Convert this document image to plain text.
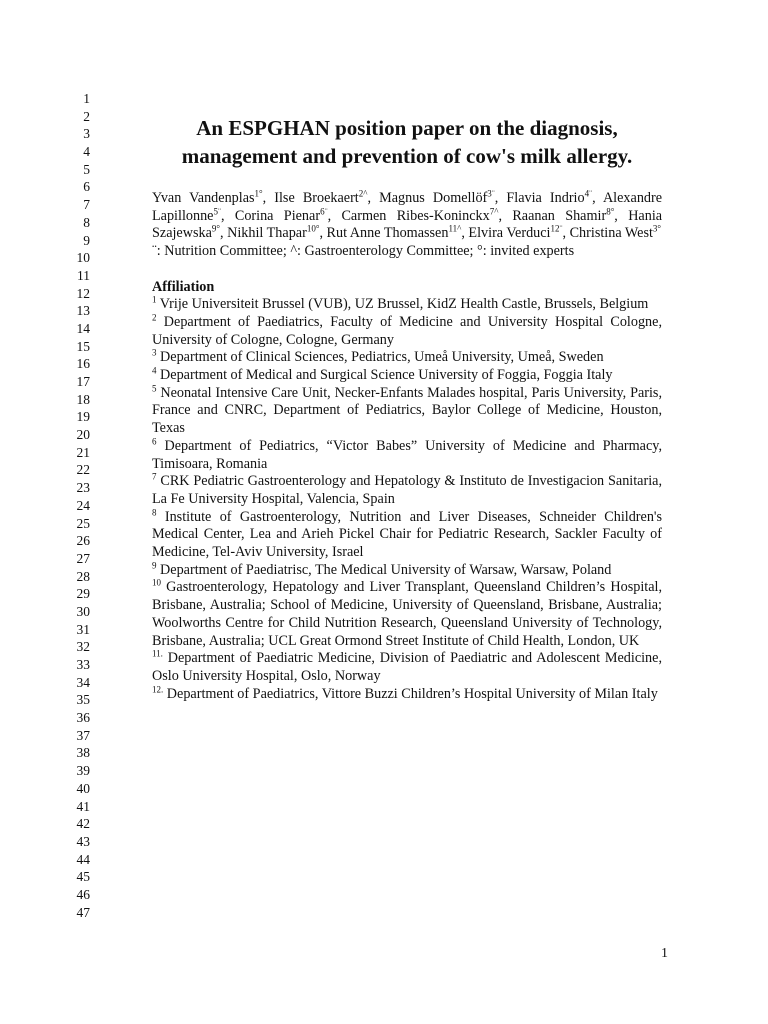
1
2
3
4
5
6
7
8
9
10
11
12
13
14
15
16
17
18
19
20
21
22
23
24
25
26
27
28
29
30
31
32
33
34
35
36
37
38
39
40
41
42
43
44
45
46
47
An ESPGHAN position paper on the diagnosis,
management and prevention of cow's milk allergy.

Yvan Vandenplas$^{1^\circ}$, Ilse Broekaert$^{2\^{}}$, Magnus Domellöf$^{3¨}$, Flavia Indrio$^{4¨}$, Alexandre Lapillonne$^{5¨}$, Corina Pienar$^{6¨}$, Carmen Ribes-Koninckx$^{7\^{}}$, Raanan Shamir$^{8^\circ}$, Hania Szajewska$^{9^\circ}$, Nikhil Thapar$^{10^\circ}$, Rut Anne Thomassen$^{11\^{}}$, Elvira Verduci$^{12¨}$, Christina West$^{3^\circ}$

¨: Nutrition Committee; ^: Gastroenterology Committee; °: invited experts

Affiliation

$^1$ Vrije Universiteit Brussel (VUB), UZ Brussel, KidZ Health Castle, Brussels, Belgium

$^2$ Department of Paediatrics, Faculty of Medicine and University Hospital Cologne, University of Cologne, Cologne, Germany

$^3$ Department of Clinical Sciences, Pediatrics, Umeå University, Umeå, Sweden

$^4$ Department of Medical and Surgical Science University of Foggia, Foggia Italy

$^5$ Neonatal Intensive Care Unit, Necker-Enfants Malades hospital, Paris University, Paris, France and CNRC, Department of Pediatrics, Baylor College of Medicine, Houston, Texas

$^6$ Department of Pediatrics, “Victor Babes” University of Medicine and Pharmacy, Timisoara, Romania

$^7$ CRK Pediatric Gastroenterology and Hepatology & Instituto de Investigacion Sanitaria, La Fe University Hospital, Valencia, Spain

$^8$ Institute of Gastroenterology, Nutrition and Liver Diseases, Schneider Children's Medical Center, Lea and Arieh Pickel Chair for Pediatric Research, Sackler Faculty of Medicine, Tel-Aviv University, Israel

$^9$ Department of Paediatrisc, The Medical University of Warsaw, Warsaw, Poland

$^{10}$ Gastroenterology, Hepatology and Liver Transplant, Queensland Children’s Hospital, Brisbane, Australia; School of Medicine, University of Queensland, Brisbane, Australia; Woolworths Centre for Child Nutrition Research, Queensland University of Technology, Brisbane, Australia; UCL Great Ormond Street Institute of Child Health, London, UK

$^{11.}$ Department of Paediatric Medicine, Division of Paediatric and Adolescent Medicine, Oslo University Hospital, Oslo, Norway

$^{12.}$ Department of Paediatrics, Vittore Buzzi Children’s Hospital University of Milan Italy

1
